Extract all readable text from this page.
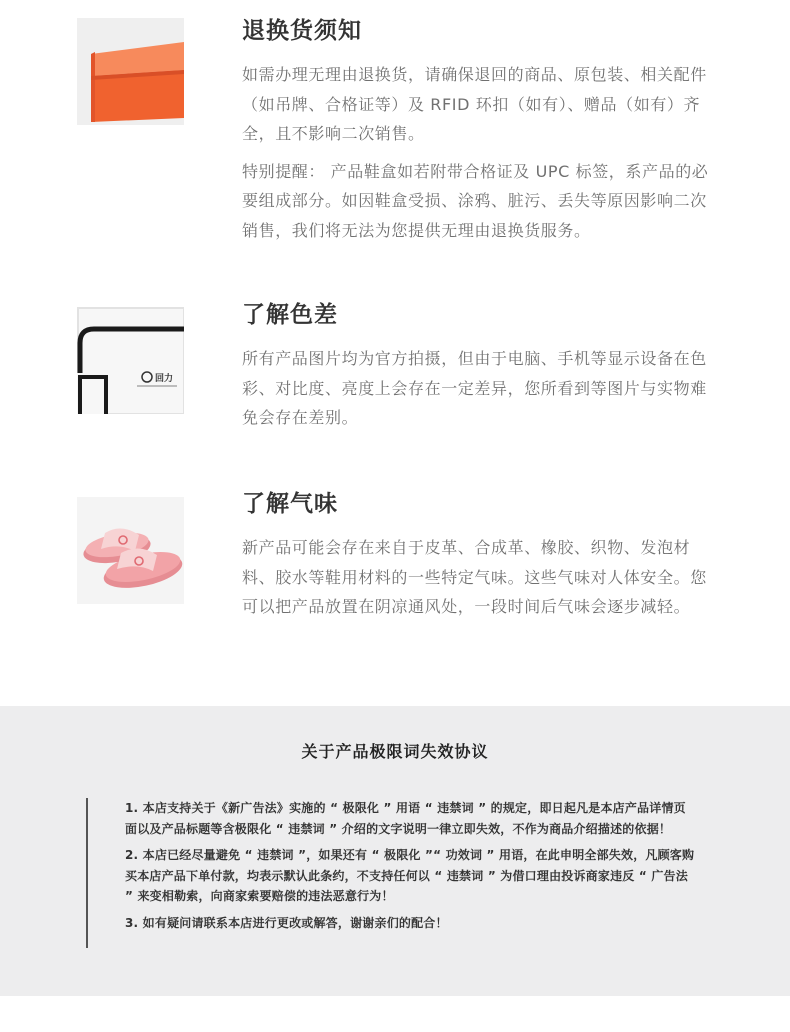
退换货须知

如需办理无理由退换货，请确保退回的商品、原包装、相关配件（如吊牌、合格证等）及 RFID 环扣（如有）、赠品（如有）齐全，且不影响二次销售。

特别提醒： 产品鞋盒如若附带合格证及 UPC 标签，系产品的必要组成部分。如因鞋盒受损、涂鸦、脏污、丢失等原因影响二次销售，我们将无法为您提供无理由退换货服务。

回力
了解色差

所有产品图片均为官方拍摄，但由于电脑、手机等显示设备在色彩、对比度、亮度上会存在一定差异，您所看到等图片与实物难免会存在差别。

了解气味

新产品可能会存在来自于皮革、合成革、橡胶、织物、发泡材料、胶水等鞋用材料的一些特定气味。这些气味对人体安全。您可以把产品放置在阴凉通风处，一段时间后气味会逐步减轻。

关于产品极限词失效协议

1. 本店支持关于《新广告法》实施的 “ 极限化 ” 用语 “ 违禁词 ” 的规定，即日起凡是本店产品详情页面以及产品标题等含极限化 “ 违禁词 ” 介绍的文字说明一律立即失效，不作为商品介绍描述的依据！

2. 本店已经尽量避免 “ 违禁词 ”，如果还有 “ 极限化 ”“ 功效词 ” 用语，在此申明全部失效，凡顾客购买本店产品下单付款，均表示默认此条约，不支持任何以 “ 违禁词 ” 为借口理由投诉商家违反 “ 广告法 ” 来变相勒索，向商家索要赔偿的违法恶意行为！

3. 如有疑问请联系本店进行更改或解答，谢谢亲们的配合！
